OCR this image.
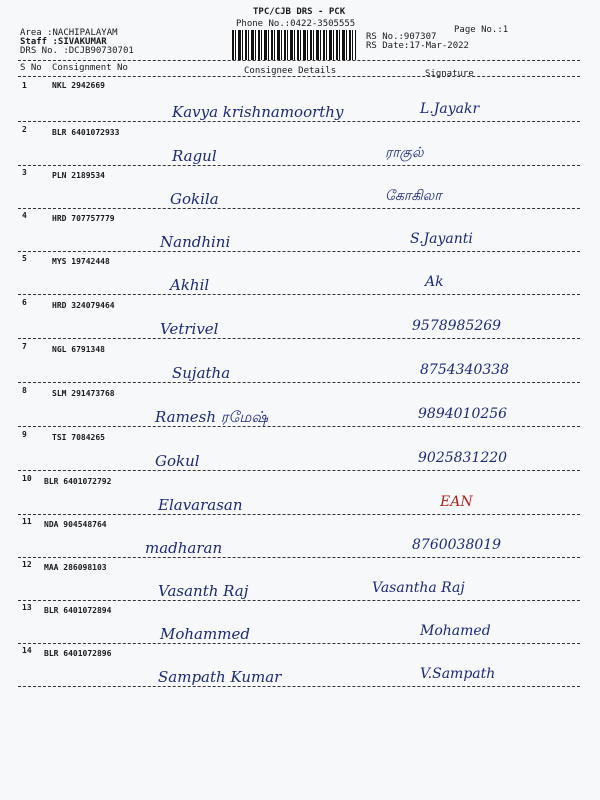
TPC/CJB DRS - PCK
Phone No.:0422-3505555
Area :NACHIPALAYAM
Staff :SIVAKUMAR
DRS No. :DCJB90730701
Page No.:1
RS No.:907307
RS Date:17-Mar-2022
S No Consignment No	Consignee Details	Signature
1	NKL 2942669
Kavya krishnamoorthy	L.Jayakr
2	BLR 6401072933
Ragul	ராகுல்
3	PLN 2189534
Gokila	கோகிலா
4	HRD 707757779
Nandhini	S.Jayanti
5	MYS 19742448
Akhil	Ak
6	HRD 324079464
Vetrivel	9578985269
7	NGL 6791348
Sujatha	8754340338
8	SLM 291473768
Ramesh ரமேஷ்	9894010256
9	TSI 7084265
Gokul	9025831220
10 BLR 6401072792
Elavarasan	EAN
11 NDA 904548764
madharan	8760038019
12 MAA 286098103
Vasanth Raj	Vasantha Raj
13 BLR 6401072894
Mohammed	Mohamed
14 BLR 6401072896
Sampath Kumar	V.Sampath
